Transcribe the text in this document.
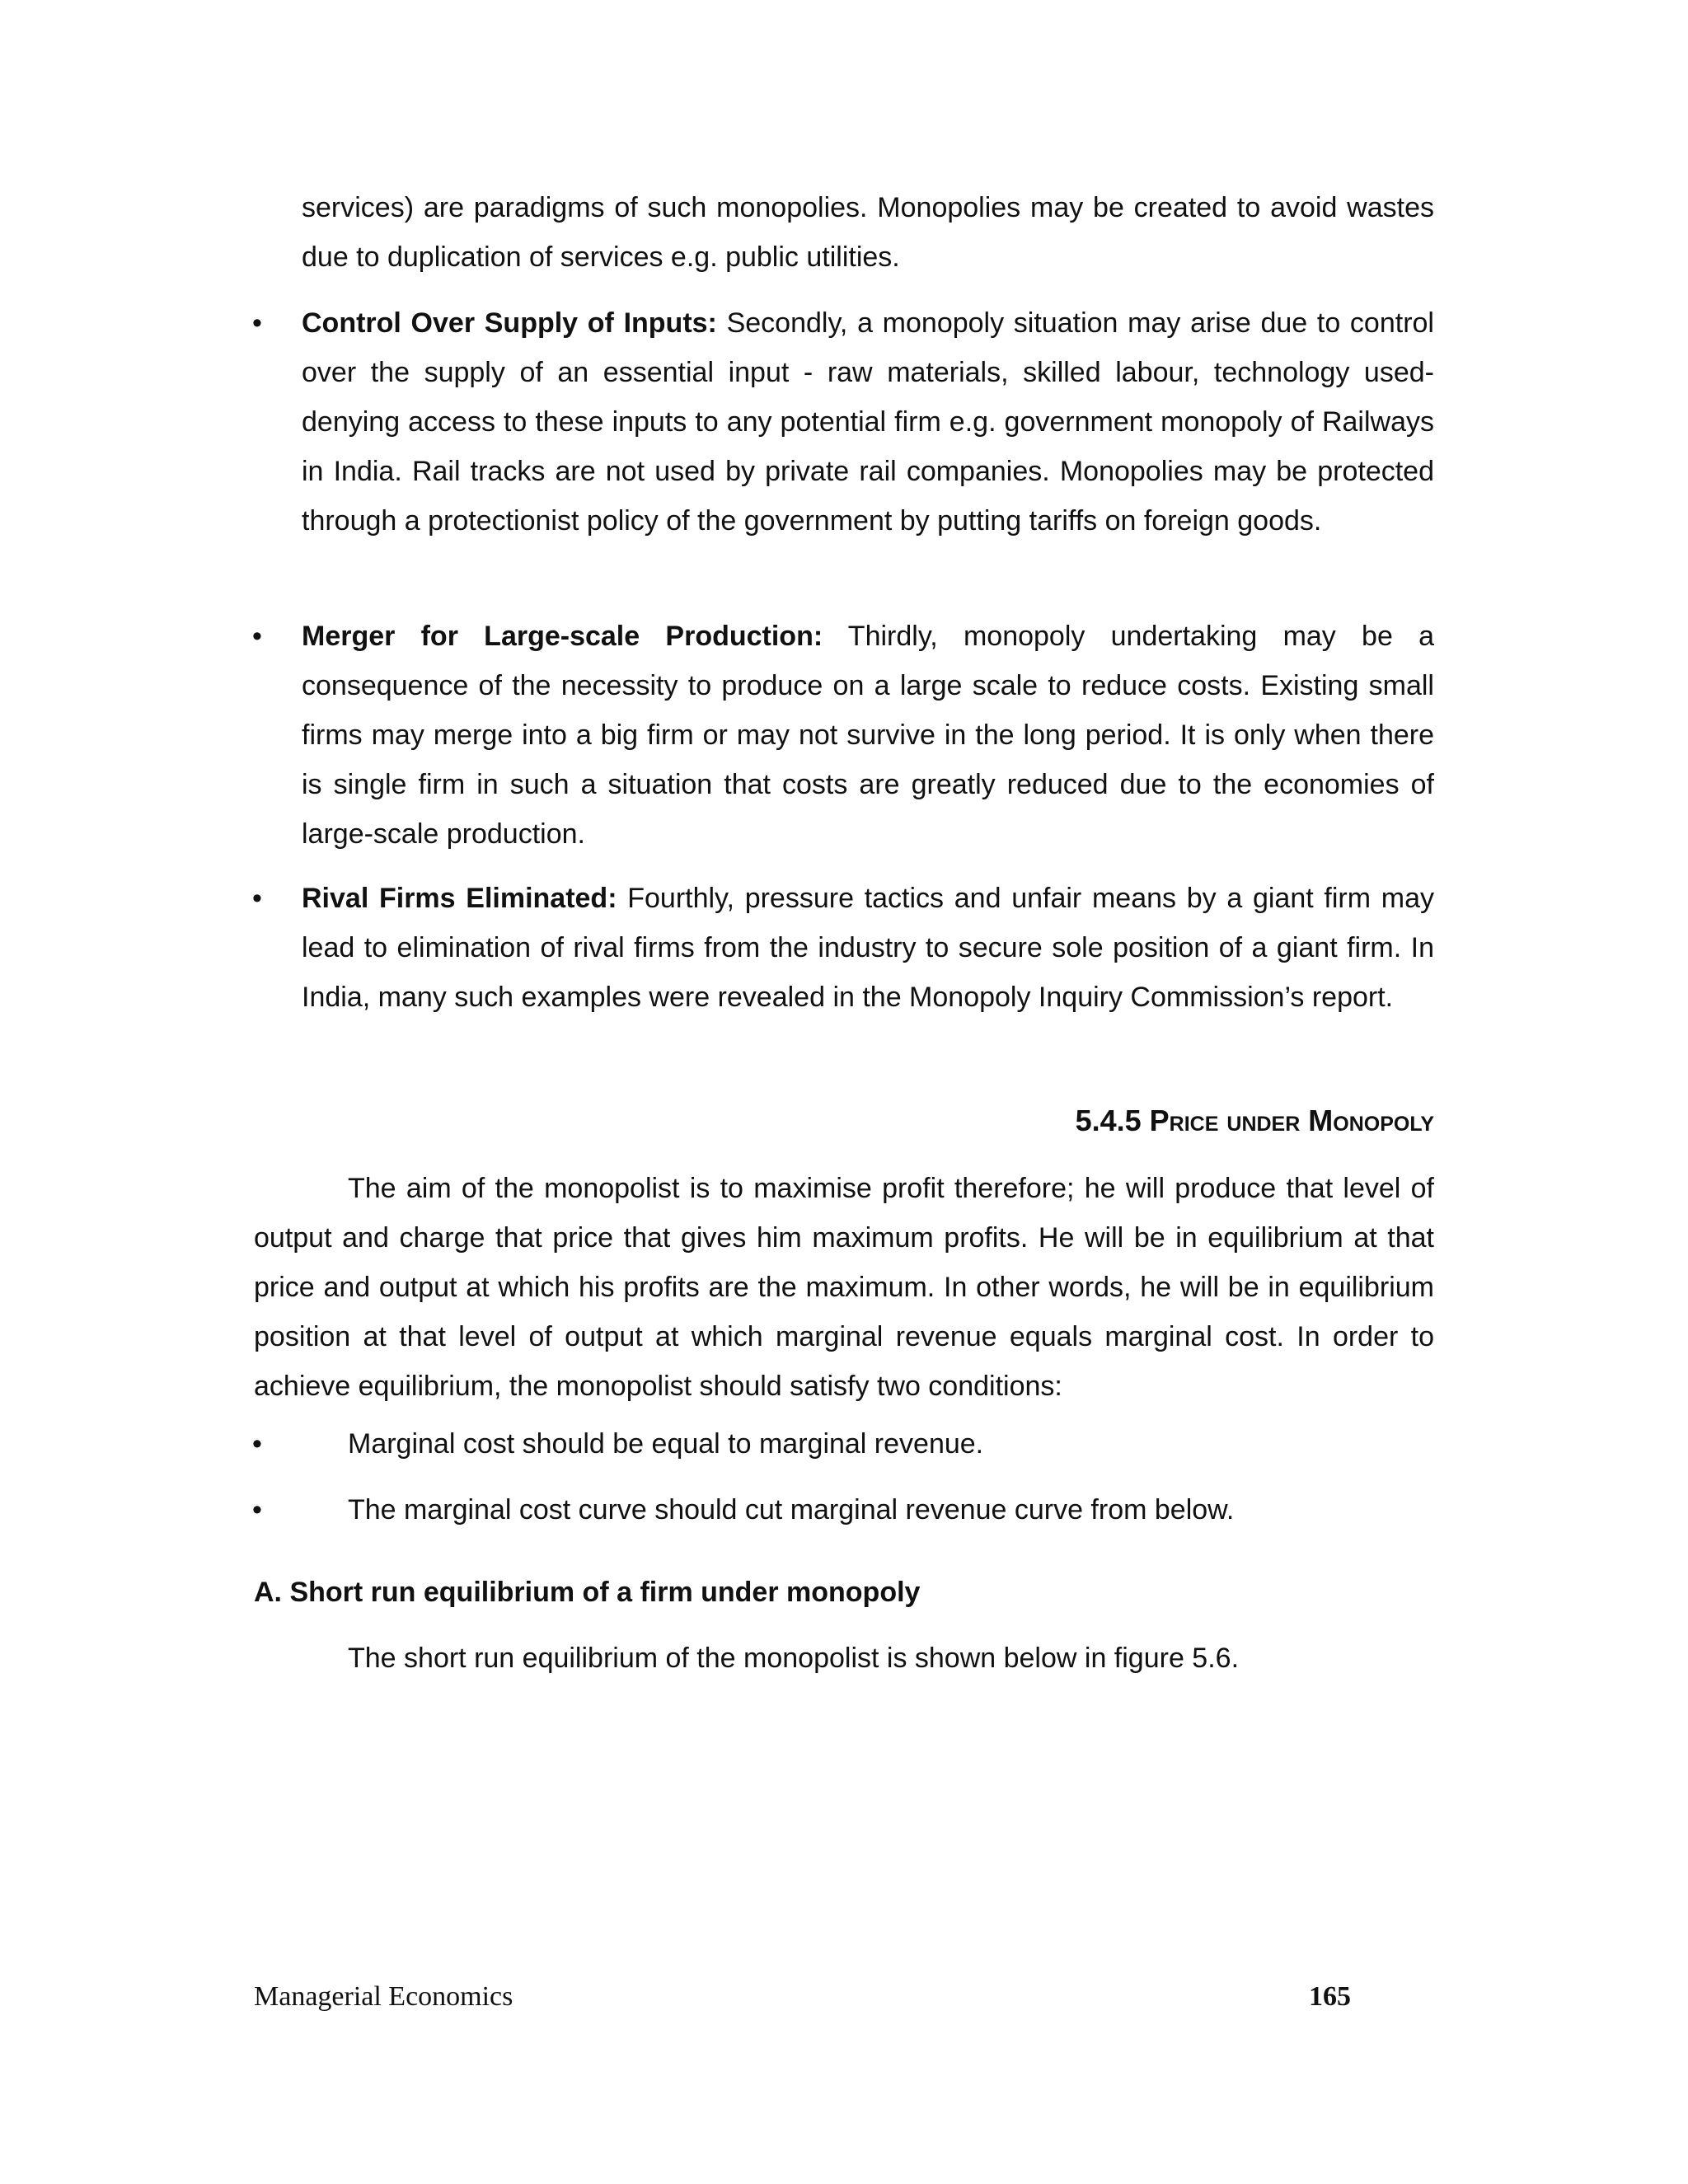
services) are paradigms of such monopolies. Monopolies may be created to avoid wastes due to duplication of services e.g. public utilities.

•	Control Over Supply of Inputs: Secondly, a monopoly situation may arise due to control over the supply of an essential input - raw materials, skilled labour, technology used- denying access to these inputs to any potential firm e.g. government monopoly of Railways in India. Rail tracks are not used by private rail companies. Monopolies may be protected through a protectionist policy of the government by putting tariffs on foreign goods.

•	Merger for Large-scale Production: Thirdly, monopoly undertaking may be a consequence of the necessity to produce on a large scale to reduce costs. Existing small firms may merge into a big firm or may not survive in the long period. It is only when there is single firm in such a situation that costs are greatly reduced due to the economies of large-scale production.

•	Rival Firms Eliminated: Fourthly, pressure tactics and unfair means by a giant firm may lead to elimination of rival firms from the industry to secure sole position of a giant firm. In India, many such examples were revealed in the Monopoly Inquiry Commission’s report.

5.4.5 Price under Monopoly

The aim of the monopolist is to maximise profit therefore; he will produce that level of output and charge that price that gives him maximum profits. He will be in equilibrium at that price and output at which his profits are the maximum. In other words, he will be in equilibrium position at that level of output at which marginal revenue equals marginal cost. In order to achieve equilibrium, the monopolist should satisfy two conditions:

•	Marginal cost should be equal to marginal revenue.
•	The marginal cost curve should cut marginal revenue curve from below.
A. Short run equilibrium of a firm under monopoly
The short run equilibrium of the monopolist is shown below in figure 5.6.
Managerial Economics	165
